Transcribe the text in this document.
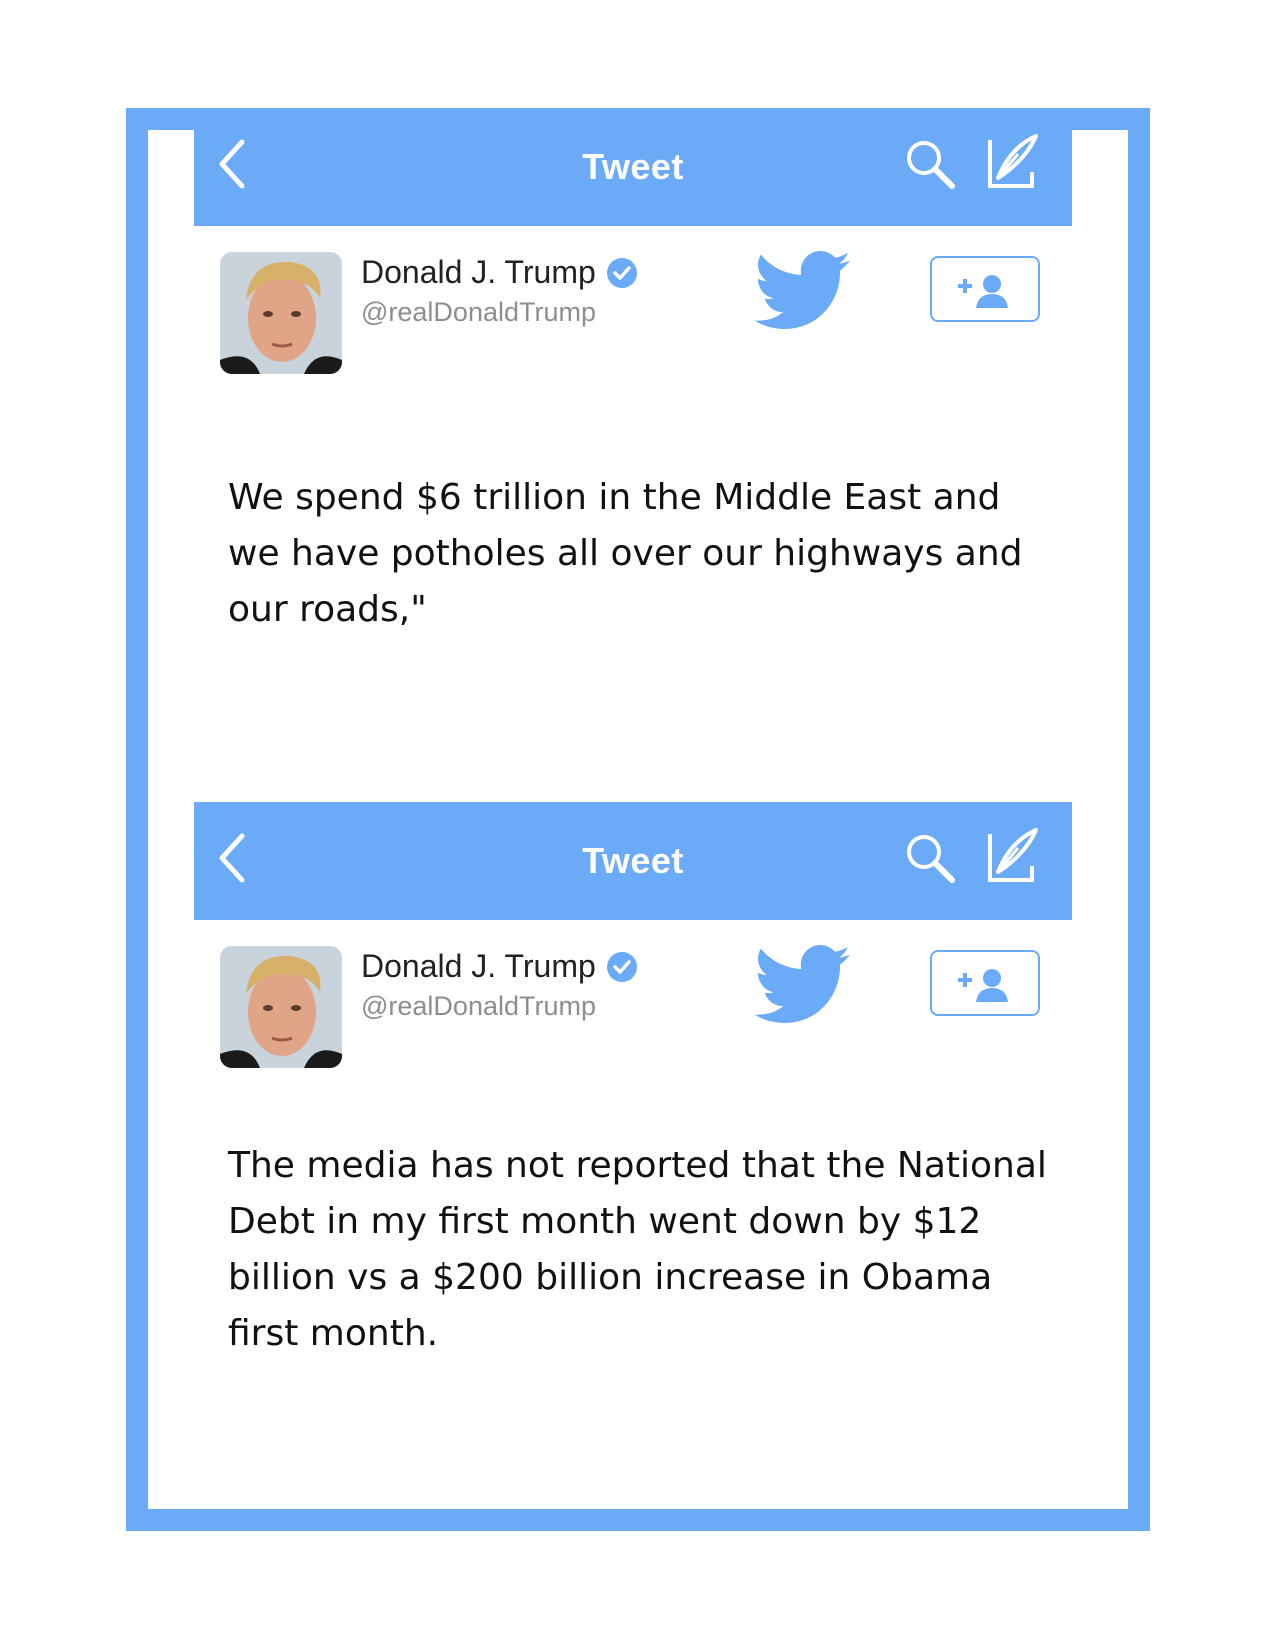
Tweet
Donald J. Trump
@realDonaldTrump
We spend $6 trillion in the Middle East and we have potholes all over our highways and our roads,"
Tweet
Donald J. Trump
@realDonaldTrump
The media has not reported that the National Debt in my first month went down by $12 billion vs a $200 billion increase in Obama first month.
